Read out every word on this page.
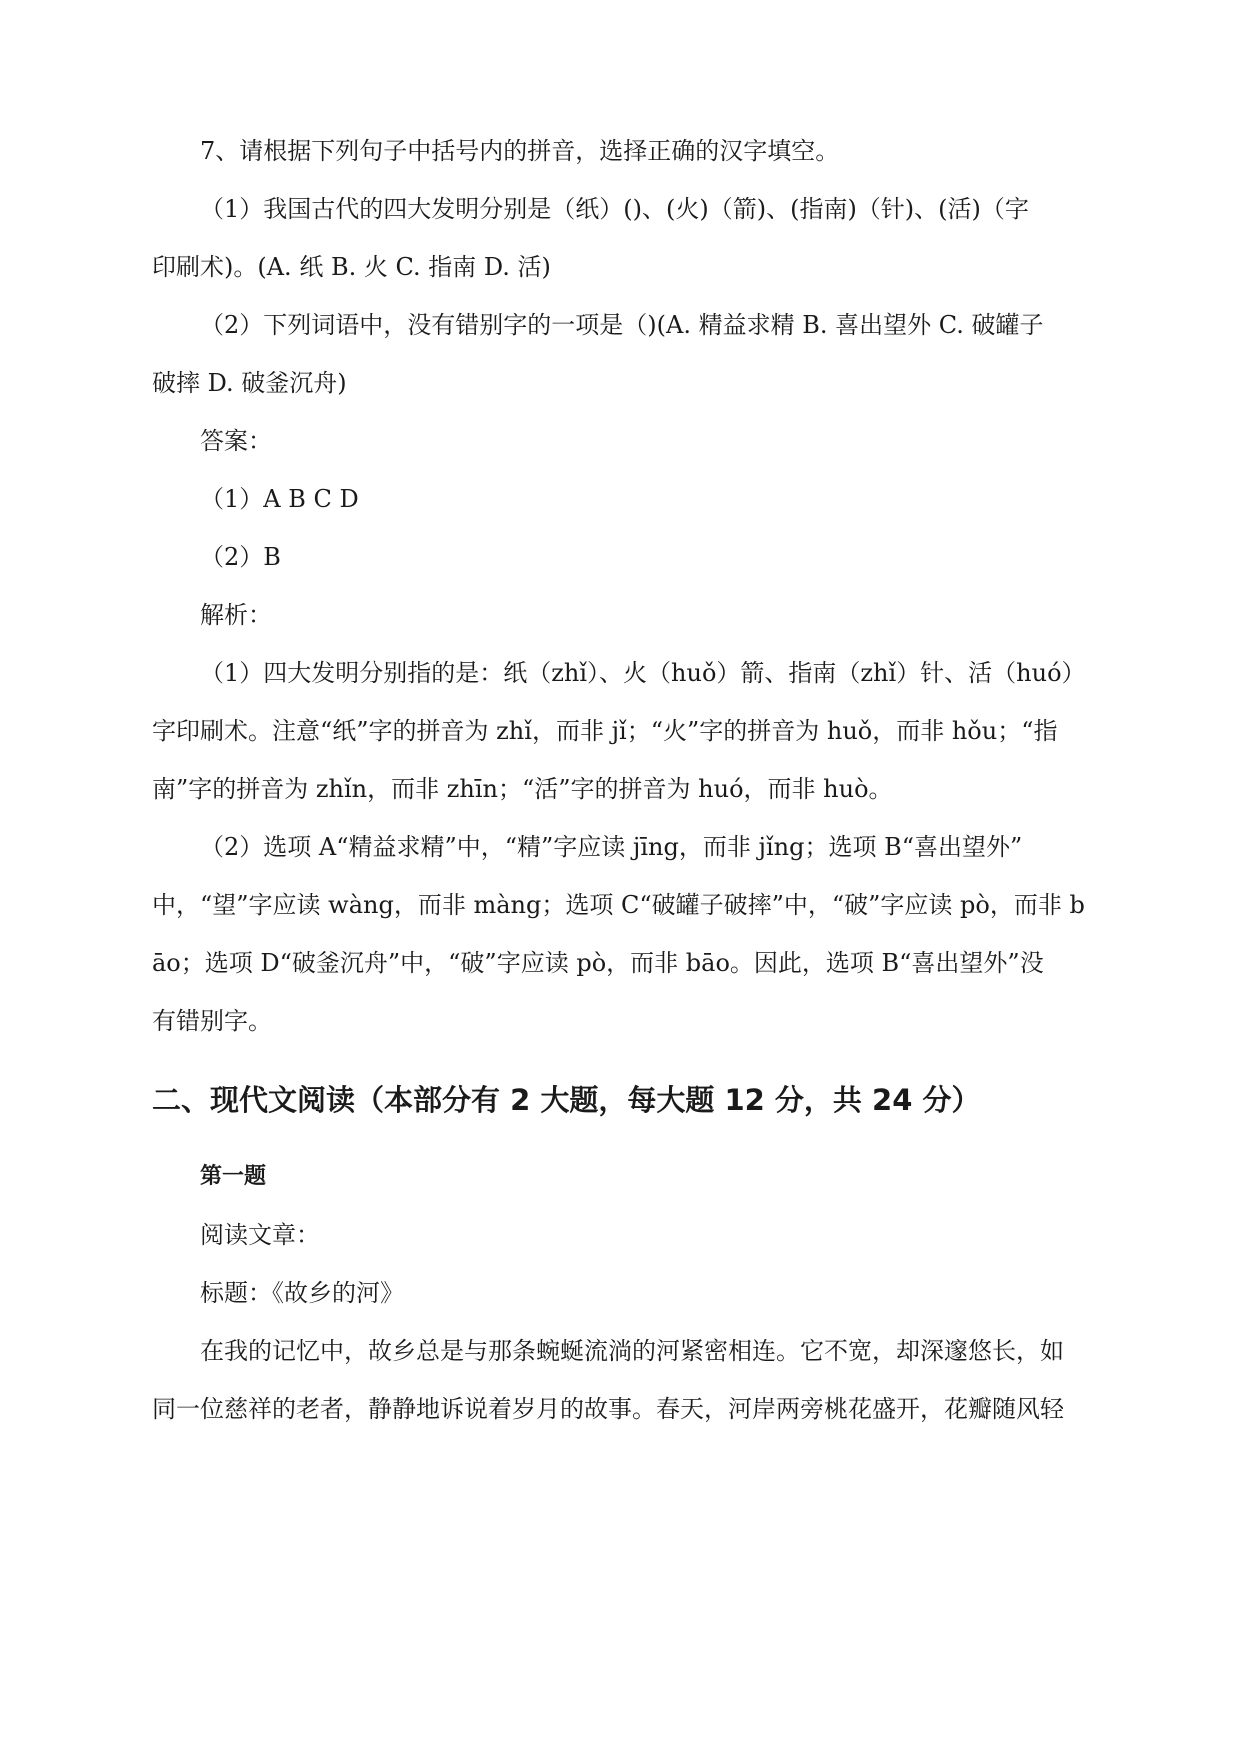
7、请根据下列句子中括号内的拼音，选择正确的汉字填空。
（1）我国古代的四大发明分别是（纸）()、(火)（箭)、(指南)（针)、(活)（字
印刷术)。(A. 纸 B. 火 C. 指南 D. 活)
（2）下列词语中，没有错别字的一项是（)(A. 精益求精 B. 喜出望外 C. 破罐子
破摔 D. 破釜沉舟)
答案：
（1）A B C D
（2）B
解析：
（1）四大发明分别指的是：纸（zhǐ）、火（huǒ）箭、指南（zhǐ）针、活（huó）
字印刷术。注意“纸”字的拼音为 zhǐ，而非 jǐ；“火”字的拼音为 huǒ，而非 hǒu；“指
南”字的拼音为 zhǐn，而非 zhīn；“活”字的拼音为 huó，而非 huò。
（2）选项 A“精益求精”中，“精”字应读 jīng，而非 jǐng；选项 B“喜出望外”
中，“望”字应读 wàng，而非 màng；选项 C“破罐子破摔”中，“破”字应读 pò，而非 b
āo；选项 D“破釜沉舟”中，“破”字应读 pò，而非 bāo。因此，选项 B“喜出望外”没
有错别字。
二、现代文阅读（本部分有 2 大题，每大题 12 分，共 24 分）
第一题
阅读文章：
标题：《故乡的河》
在我的记忆中，故乡总是与那条蜿蜒流淌的河紧密相连。它不宽，却深邃悠长，如
同一位慈祥的老者，静静地诉说着岁月的故事。春天，河岸两旁桃花盛开，花瓣随风轻
